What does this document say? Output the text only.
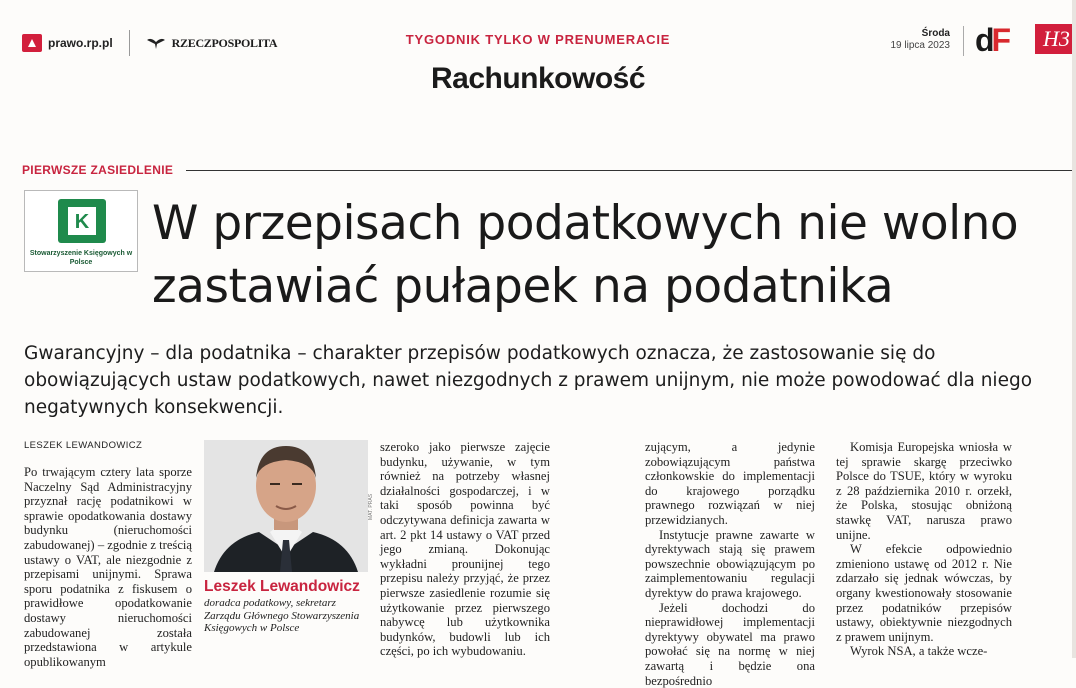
prawo.rp.pl	RZECZPOSPOLITA	TYGODNIK TYLKO W PRENUMERACIE
Rachunkowość
Środa
19 lipca 2023 dF	H3
PIERWSZE ZASIEDLENIE
K
Stowarzyszenie Księgowych w Polsce
W przepisach podatkowych nie wolno zastawiać pułapek na podatnika

Gwarancyjny – dla podatnika – charakter przepisów podatkowych oznacza, że zastosowanie się do obowiązujących ustaw podatkowych, nawet niezgodnych z prawem unijnym, nie może powodować dla niego negatywnych konsekwencji.

LESZEK LEWANDOWICZ

Po trwającym cztery lata sporze Naczelny Sąd Administracyjny przyznał rację podatnikowi w sprawie opodatkowania dostawy budynku (nieruchomości zabudowanej) – zgodnie z treścią ustawy o VAT, ale niezgodnie z przepisami unijnymi. Sprawa sporu podatnika z fiskusem o prawidłowe opodatkowanie dostawy nieruchomości zabudowanej została przedstawiona w artykule opublikowanym

MAT. PRAS
Leszek Lewandowicz
doradca podatkowy, sekretarz Zarządu Głównego Stowarzyszenia Księgowych w Polsce

szeroko jako pierwsze zajęcie budynku, używanie, w tym również na potrzeby własnej działalności gospodarczej, i w taki sposób powinna być odczytywana definicja zawarta w art. 2 pkt 14 ustawy o VAT przed jego zmianą. Dokonując wykładni prounijnej tego przepisu należy przyjąć, że przez pierwsze zasiedlenie rozumie się użytkowanie przez pierwszego nabywcę lub użytkownika budynków, budowli lub ich części, po ich wybudowaniu.

zującym, a jedynie zobowiązującym państwa członkowskie do implementacji do krajowego porządku prawnego rozwiązań w niej przewidzianych.

Instytucje prawne zawarte w dyrektywach stają się prawem powszechnie obowiązującym po zaimplementowaniu regulacji dyrektyw do prawa krajowego.

Jeżeli dochodzi do nieprawidłowej implementacji dyrektywy obywatel ma prawo powołać się na normę w niej zawartą i będzie ona bezpośrednio

Komisja Europejska wniosła w tej sprawie skargę przeciwko Polsce do TSUE, który w wyroku z 28 października 2010 r. orzekł, że Polska, stosując obniżoną stawkę VAT, narusza prawo unijne.

W efekcie odpowiednio zmieniono ustawę od 2012 r. Nie zdarzało się jednak wówczas, by organy kwestionowały stosowanie przez podatników przepisów ustawy, obiektywnie niezgodnych z prawem unijnym.

Wyrok NSA, a także wcze-
